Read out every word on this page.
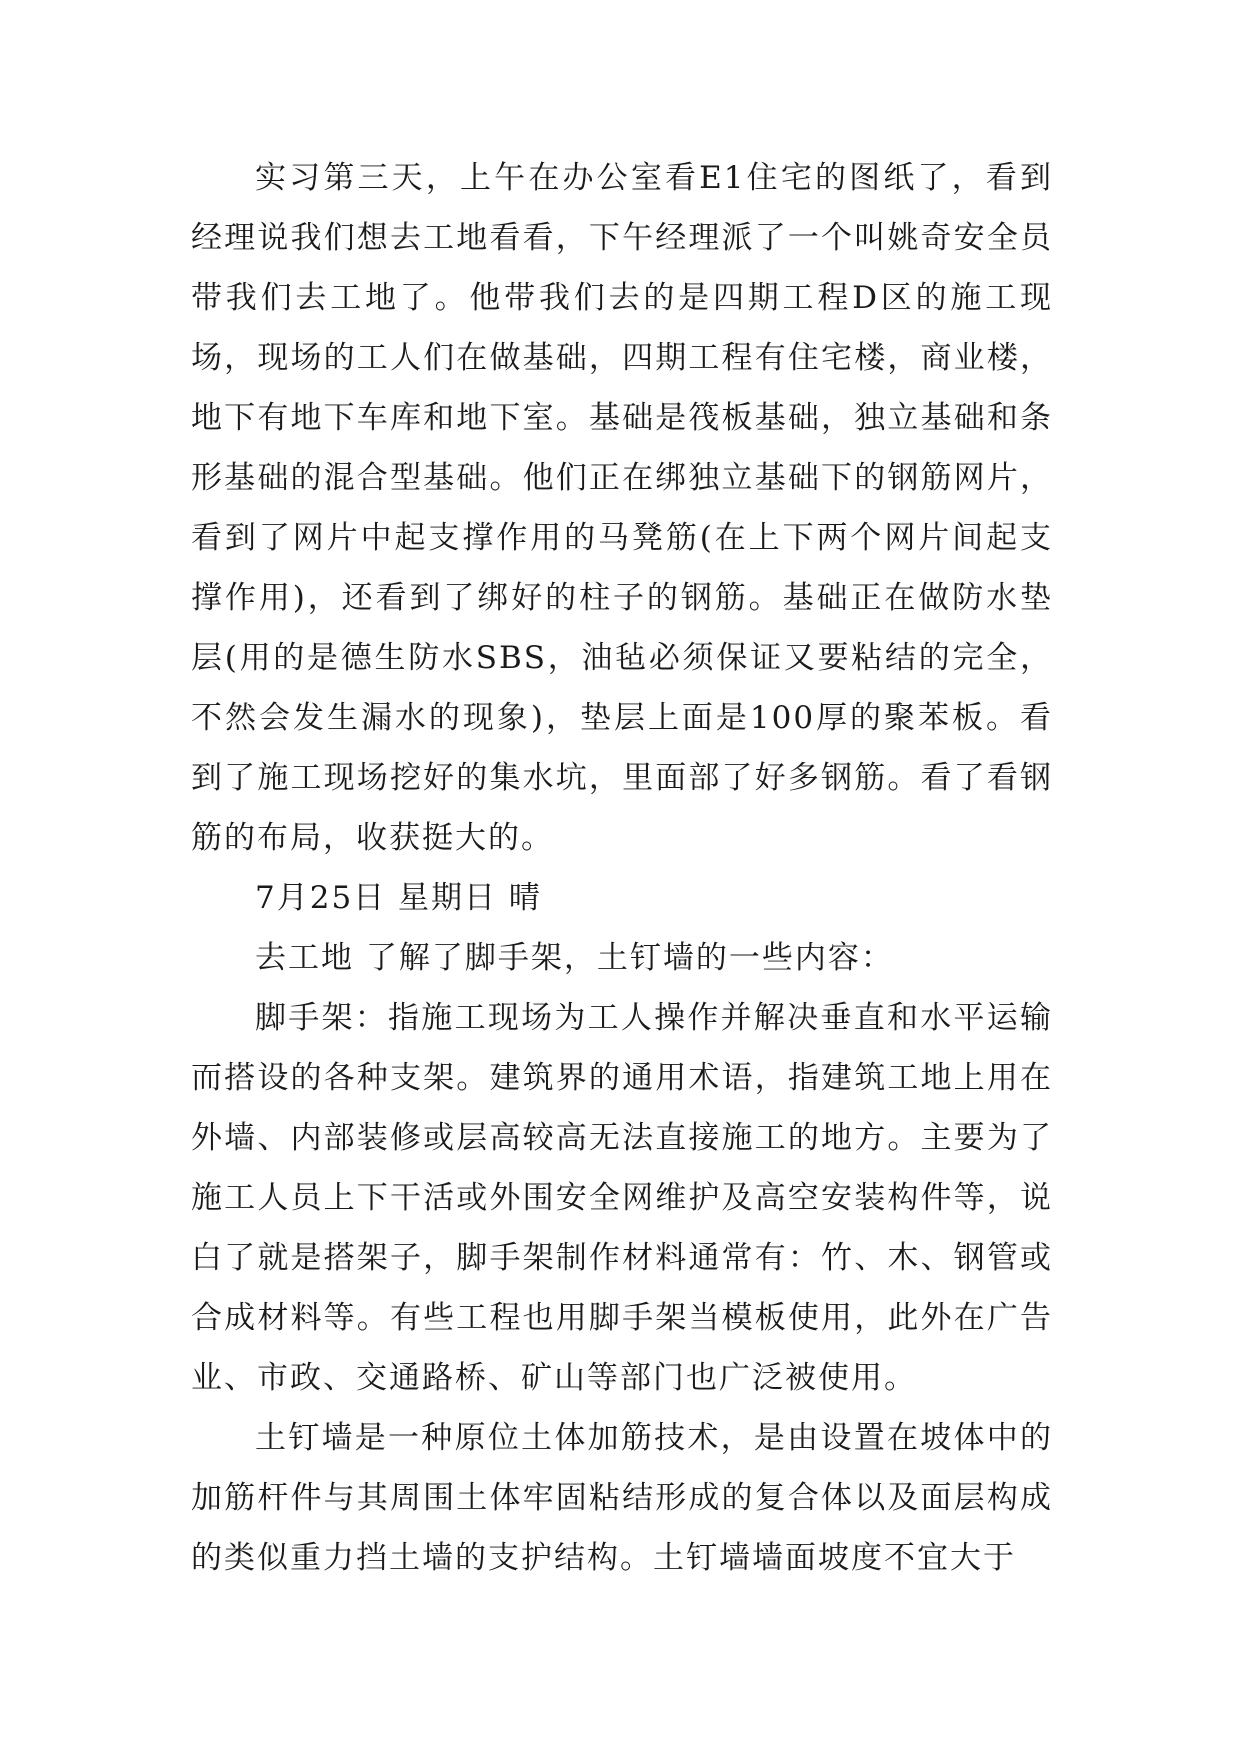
实习第三天，上午在办公室看E1住宅的图纸了，看到经理说我们想去工地看看，下午经理派了一个叫姚奇安全员带我们去工地了。他带我们去的是四期工程D区的施工现场，现场的工人们在做基础，四期工程有住宅楼，商业楼，地下有地下车库和地下室。基础是筏板基础，独立基础和条形基础的混合型基础。他们正在绑独立基础下的钢筋网片，看到了网片中起支撑作用的马凳筋(在上下两个网片间起支撑作用)，还看到了绑好的柱子的钢筋。基础正在做防水垫层(用的是德生防水SBS，油毡必须保证又要粘结的完全，不然会发生漏水的现象)，垫层上面是100厚的聚苯板。看到了施工现场挖好的集水坑，里面部了好多钢筋。看了看钢筋的布局，收获挺大的。

7月25日 星期日 晴

去工地 了解了脚手架，土钉墙的一些内容：

脚手架：指施工现场为工人操作并解决垂直和水平运输而搭设的各种支架。建筑界的通用术语，指建筑工地上用在外墙、内部装修或层高较高无法直接施工的地方。主要为了施工人员上下干活或外围安全网维护及高空安装构件等，说白了就是搭架子，脚手架制作材料通常有：竹、木、钢管或合成材料等。有些工程也用脚手架当模板使用，此外在广告业、市政、交通路桥、矿山等部门也广泛被使用。

土钉墙是一种原位土体加筋技术，是由设置在坡体中的加筋杆件与其周围土体牢固粘结形成的复合体以及面层构成的类似重力挡土墙的支护结构。土钉墙墙面坡度不宜大于
